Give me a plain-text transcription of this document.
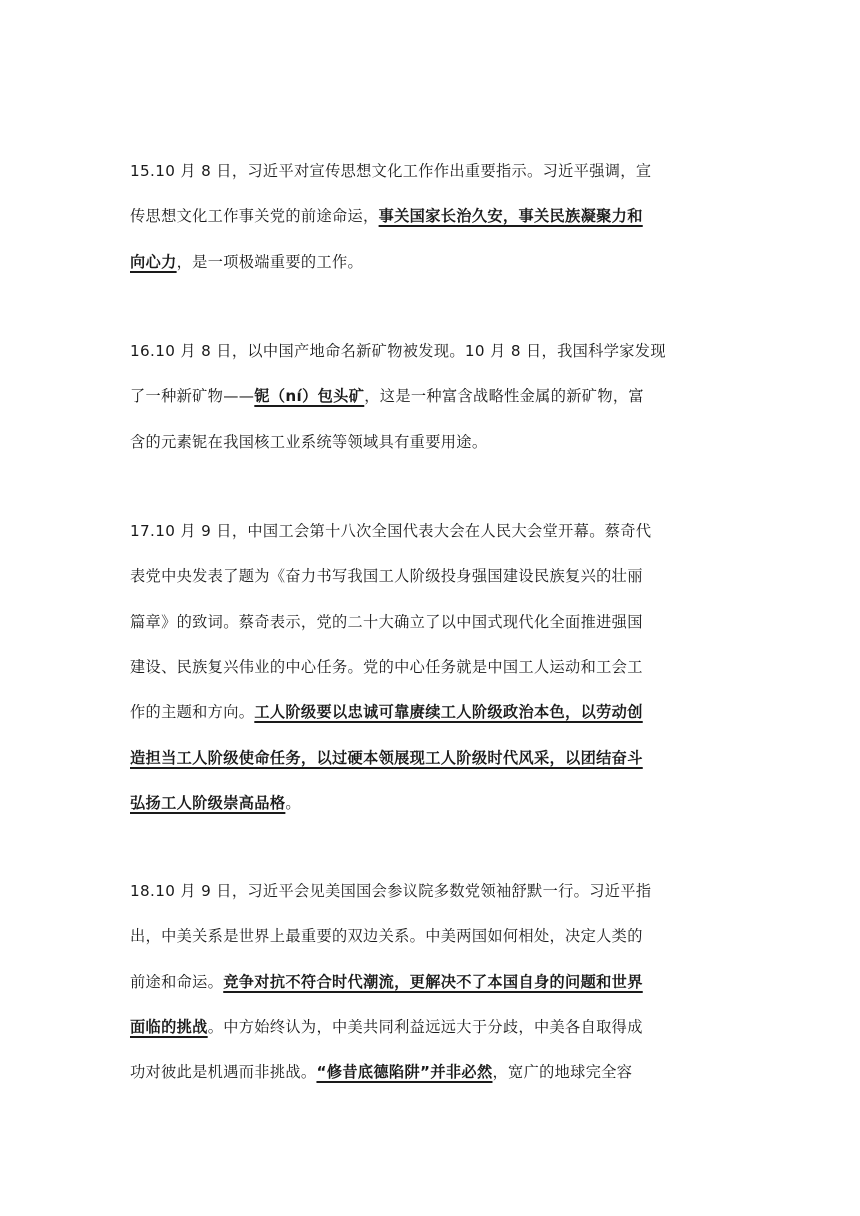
15.10 月 8 日，习近平对宣传思想文化工作作出重要指示。习近平强调，宣
传思想文化工作事关党的前途命运，事关国家长治久安，事关民族凝聚力和
向心力，是一项极端重要的工作。
16.10 月 8 日，以中国产地命名新矿物被发现。10 月 8 日，我国科学家发现
了一种新矿物——铌（ní）包头矿，这是一种富含战略性金属的新矿物，富
含的元素铌在我国核工业系统等领域具有重要用途。
17.10 月 9 日，中国工会第十八次全国代表大会在人民大会堂开幕。蔡奇代
表党中央发表了题为《奋力书写我国工人阶级投身强国建设民族复兴的壮丽
篇章》的致词。蔡奇表示，党的二十大确立了以中国式现代化全面推进强国
建设、民族复兴伟业的中心任务。党的中心任务就是中国工人运动和工会工
作的主题和方向。工人阶级要以忠诚可靠赓续工人阶级政治本色，以劳动创
造担当工人阶级使命任务，以过硬本领展现工人阶级时代风采，以团结奋斗
弘扬工人阶级崇高品格。
18.10 月 9 日，习近平会见美国国会参议院多数党领袖舒默一行。习近平指
出，中美关系是世界上最重要的双边关系。中美两国如何相处，决定人类的
前途和命运。竞争对抗不符合时代潮流，更解决不了本国自身的问题和世界
面临的挑战。中方始终认为，中美共同利益远远大于分歧，中美各自取得成
功对彼此是机遇而非挑战。“修昔底德陷阱”并非必然，宽广的地球完全容
